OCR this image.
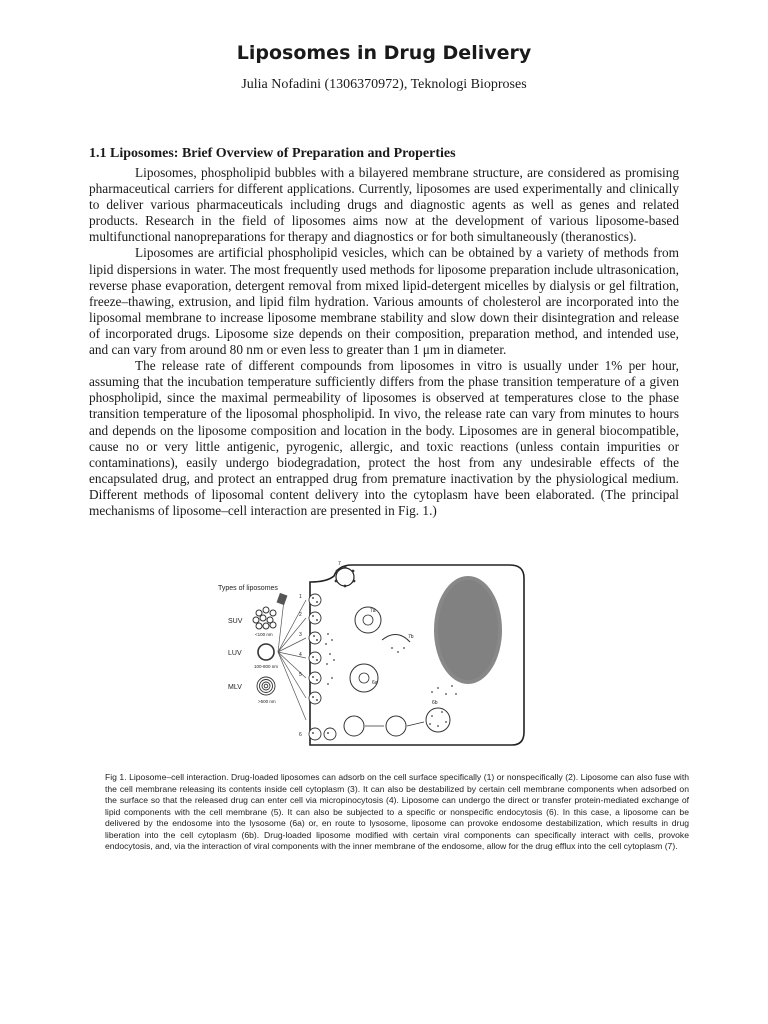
Liposomes in Drug Delivery
Julia Nofadini (1306370972), Teknologi Bioproses
1.1 Liposomes: Brief Overview of Preparation and Properties

Liposomes, phospholipid bubbles with a bilayered membrane structure, are considered as promising pharmaceutical carriers for different applications. Currently, liposomes are used experimentally and clinically to deliver various pharmaceuticals including drugs and diagnostic agents as well as genes and related products. Research in the field of liposomes aims now at the development of various liposome-based multifunctional nanopreparations for therapy and diagnostics or for both simultaneously (theranostics).

Liposomes are artificial phospholipid vesicles, which can be obtained by a variety of methods from lipid dispersions in water. The most frequently used methods for liposome preparation include ultrasonication, reverse phase evaporation, detergent removal from mixed lipid-detergent micelles by dialysis or gel filtration, freeze–thawing, extrusion, and lipid film hydration. Various amounts of cholesterol are incorporated into the liposomal membrane to increase liposome membrane stability and slow down their disintegration and release of incorporated drugs. Liposome size depends on their composition, preparation method, and intended use, and can vary from around 80 nm or even less to greater than 1 μm in diameter.

The release rate of different compounds from liposomes in vitro is usually under 1% per hour, assuming that the incubation temperature sufficiently differs from the phase transition temperature of a given phospholipid, since the maximal permeability of liposomes is observed at temperatures close to the phase transition temperature of the liposomal phospholipid. In vivo, the release rate can vary from minutes to hours and depends on the liposome composition and location in the body. Liposomes are in general biocompatible, cause no or very little antigenic, pyrogenic, allergic, and toxic reactions (unless contain impurities or contaminations), easily undergo biodegradation, protect the host from any undesirable effects of the encapsulated drug, and protect an entrapped drug from premature inactivation by the physiological medium. Different methods of liposomal content delivery into the cytoplasm have been elaborated. (The principal mechanisms of liposome–cell interaction are presented in Fig. 1.)

Types of liposomes
SUV
<100 nm
LUV
100-800 nm
MLV
>500 nm
1
2
3
4
5
6
6a
6b
7
7a
7b

Fig 1. Liposome–cell interaction. Drug-loaded liposomes can adsorb on the cell surface specifically (1) or nonspecifically (2). Liposome can also fuse with the cell membrane releasing its contents inside cell cytoplasm (3). It can also be destabilized by certain cell membrane components when adsorbed on the surface so that the released drug can enter cell via micropinocytosis (4). Liposome can undergo the direct or transfer protein-mediated exchange of lipid components with the cell membrane (5). It can also be subjected to a specific or nonspecific endocytosis (6). In this case, a liposome can be delivered by the endosome into the lysosome (6a) or, en route to lysosome, liposome can provoke endosome destabilization, which results in drug liberation into the cell cytoplasm (6b). Drug-loaded liposome modified with certain viral components can specifically interact with cells, provoke endocytosis, and, via the interaction of viral components with the inner membrane of the endosome, allow for the drug efflux into the cell cytoplasm (7).
